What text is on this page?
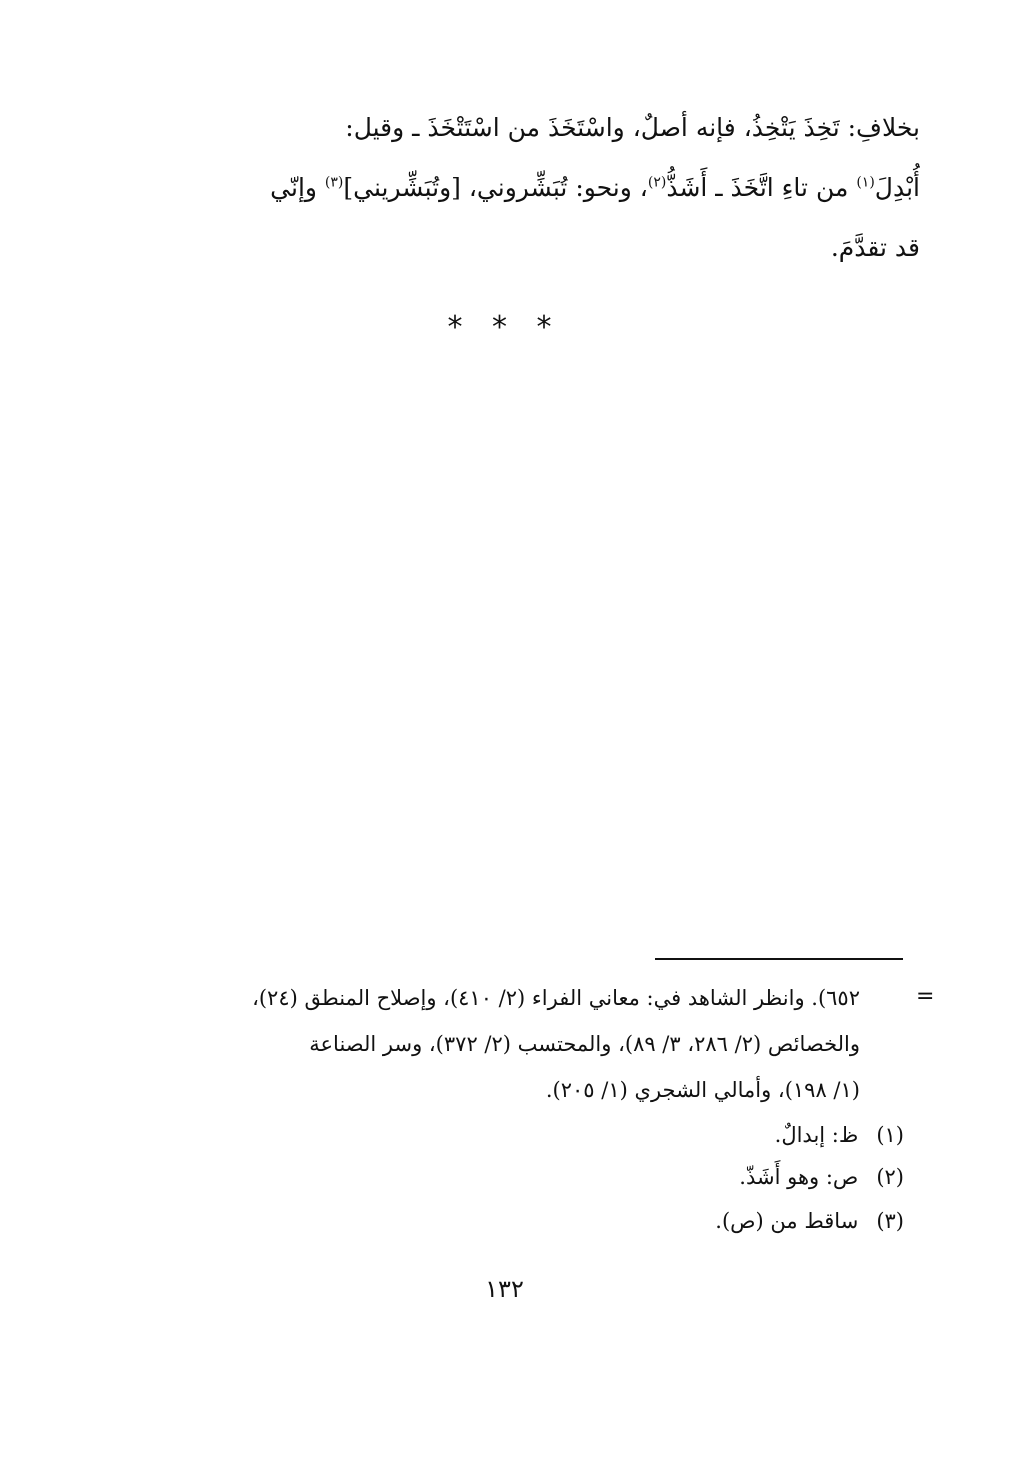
بخلافِ: تَخِذَ يَتْخِذُ، فإنه أصلٌ، واسْتَخَذَ من اسْتَتْخَذَ ـ وقيل:
أُبْدِلَ$^{(١)}$ من تاءِ اتَّخَذَ ـ أَشَذُّ$^{(٢)}$، ونحو: تُبَشِّروني، [وتُبَشِّريني]$^{(٣)}$ وإنّي
قد تقدَّمَ.
* * *
=
٦٥٢). وانظر الشاهد في: معاني الفراء (٢/ ٤١٠)، وإصلاح المنطق (٢٤)،
والخصائص (٢/ ٢٨٦، ٣/ ٨٩)، والمحتسب (٢/ ٣٧٢)، وسر الصناعة
(١/ ١٩٨)، وأمالي الشجري (١/ ٢٠٥).
(١)ظ: إبدالٌ.
(٢)ص: وهو أَشَذّ.
(٣)ساقط من (ص).
١٣٢
